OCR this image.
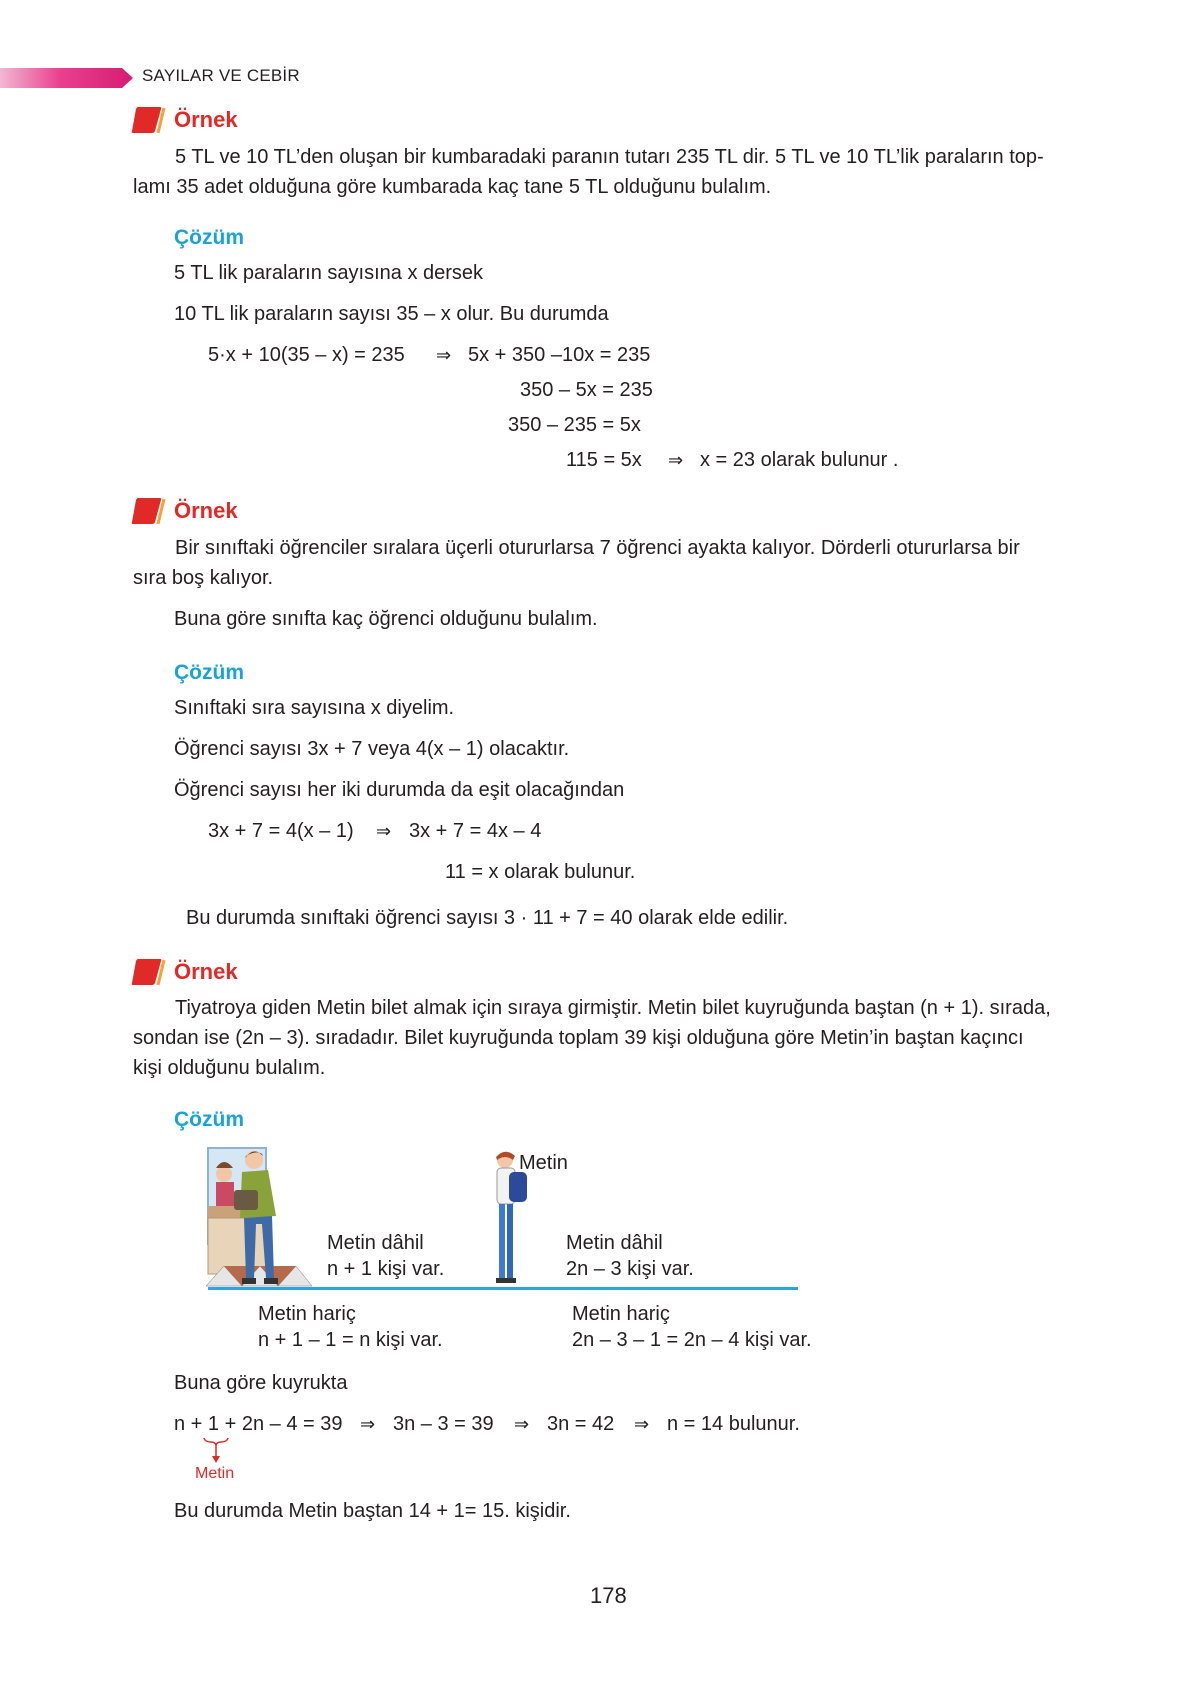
SAYILAR VE CEBİR
Örnek
5 TL ve 10 TL’den oluşan bir kumbaradaki paranın tutarı 235 TL dir. 5 TL ve 10 TL’lik paraların top-
lamı 35 adet olduğuna göre kumbarada kaç tane 5 TL olduğunu bulalım.
Çözüm
5 TL lik paraların sayısına x dersek
10 TL lik paraların sayısı 35 – x olur. Bu durumda
5·x + 10(35 – x) = 235 ⇒ 5x + 350 –10x = 235
350 – 5x = 235
350 – 235 = 5x
115 = 5x ⇒ x = 23 olarak bulunur .
Örnek
Bir sınıftaki öğrenciler sıralara üçerli otururlarsa 7 öğrenci ayakta kalıyor. Dörderli otururlarsa bir
sıra boş kalıyor.
Buna göre sınıfta kaç öğrenci olduğunu bulalım.
Çözüm
Sınıftaki sıra sayısına x diyelim.
Öğrenci sayısı 3x + 7 veya 4(x – 1) olacaktır.
Öğrenci sayısı her iki durumda da eşit olacağından
3x + 7 = 4(x – 1) ⇒ 3x + 7 = 4x – 4
11 = x olarak bulunur.
Bu durumda sınıftaki öğrenci sayısı 3 · 11 + 7 = 40 olarak elde edilir.
Örnek
Tiyatroya giden Metin bilet almak için sıraya girmiştir. Metin bilet kuyruğunda baştan (n + 1). sırada,
sondan ise (2n – 3). sıradadır. Bilet kuyruğunda toplam 39 kişi olduğuna göre Metin’in baştan kaçıncı
kişi olduğunu bulalım.
Çözüm
Metin
Metin dâhil
n + 1 kişi var.
Metin dâhil
2n – 3 kişi var.
Metin hariç
n + 1 – 1 = n kişi var.
Metin hariç
2n – 3 – 1 = 2n – 4 kişi var.
Buna göre kuyrukta
n + 1 + 2n – 4 = 39 ⇒ 3n – 3 = 39 ⇒ 3n = 42 ⇒ n = 14 bulunur.
Metin
Bu durumda Metin baştan 14 + 1= 15. kişidir.
178
